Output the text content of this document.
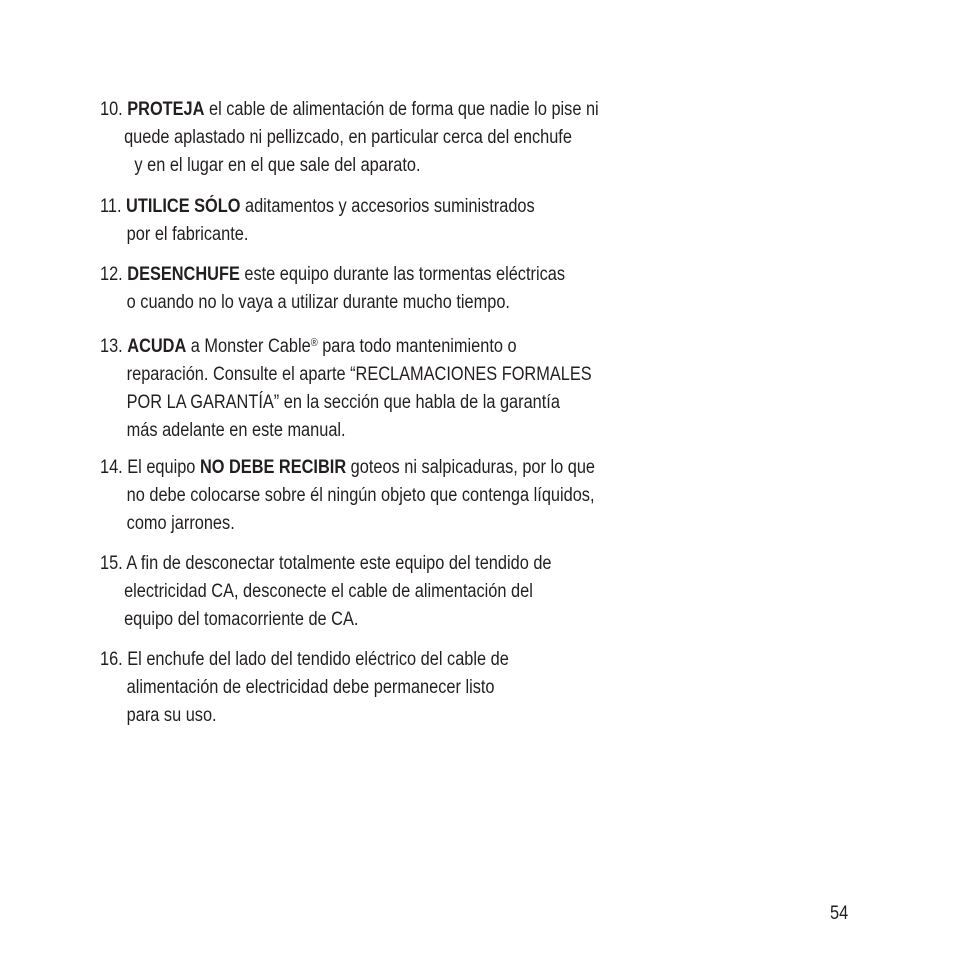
10. PROTEJA el cable de alimentación de forma que nadie lo pise ni
quede aplastado ni pellizcado, en particular cerca del enchufe
y en el lugar en el que sale del aparato.
11. UTILICE SÓLO aditamentos y accesorios suministrados
por el fabricante.
12. DESENCHUFE este equipo durante las tormentas eléctricas
o cuando no lo vaya a utilizar durante mucho tiempo.
13. ACUDA a Monster Cable® para todo mantenimiento o
reparación. Consulte el aparte “RECLAMACIONES FORMALES
POR LA GARANTÍA” en la sección que habla de la garantía
más adelante en este manual.
14. El equipo NO DEBE RECIBIR goteos ni salpicaduras, por lo que
no debe colocarse sobre él ningún objeto que contenga líquidos,
como jarrones.
15. A fin de desconectar totalmente este equipo del tendido de
electricidad CA, desconecte el cable de alimentación del
equipo del tomacorriente de CA.
16. El enchufe del lado del tendido eléctrico del cable de
alimentación de electricidad debe permanecer listo
para su uso.
54
